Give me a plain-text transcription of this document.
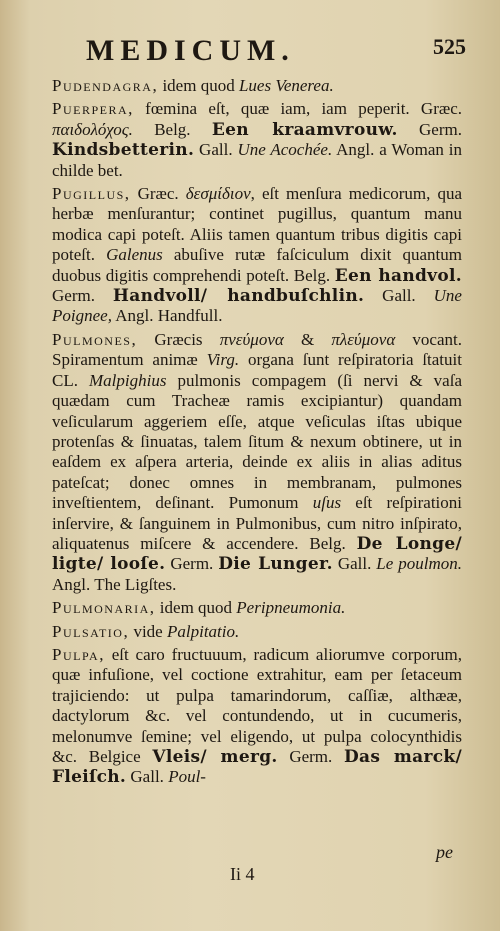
MEDICUM.	525

Pudendagra, idem quod Lues Venerea.

Puerpera, fœmina eſt, quæ iam, iam peperit. Græc. παιδολόχος. Belg. Een kraamvrouw. Germ. Kindsbetterin. Gall. Une Acochée. Angl. a Woman in childe bet.

Pugillus, Græc. δεσμίδιον, eſt menſura medicorum, qua herbæ menſurantur; continet pugillus, quantum manu modica capi poteſt. Aliis tamen quantum tribus digitis capi poteſt. Galenus abuſive rutæ faſciculum dixit quantum duobus digitis comprehendi poteſt. Belg. Een handvol. Germ. Handvoll/ handbuſchlin. Gall. Une Poignee, Angl. Handfull.

Pulmones, Græcis πνεύμονα & πλεύμονα vocant. Spiramentum animæ Virg. organa ſunt reſpiratoria ſtatuit CL. Malpighius pulmonis compagem (ſi nervi & vaſa quædam cum Tracheæ ramis excipiantur) quandam veſicularum aggeriem eſſe, atque veſiculas iſtas ubique protenſas & ſinuatas, talem ſitum & nexum obtinere, ut in eaſdem ex aſpera arteria, deinde ex aliis in alias aditus pateſcat; donec omnes in membranam, pulmones inveſtientem, deſinant. Pumonum uſus eſt reſpirationi inſervire, & ſanguinem in Pulmonibus, cum nitro inſpirato, aliquatenus miſcere & accendere. Belg. De Longe/ ligte/ looſe. Germ. Die Lunger. Gall. Le poulmon. Angl. The Ligſtes.

Pulmonaria, idem quod Peripneumonia.

Pulsatio, vide Palpitatio.

Pulpa, eſt caro fructuuum, radicum aliorumve corporum, quæ infuſione, vel coctione extrahitur, eam per ſetaceum trajiciendo: ut pulpa tamarindorum, caſſiæ, althææ, dactylorum &c. vel contundendo, ut in cucumeris, melonumve ſemine; vel eligendo, ut pulpa colocynthidis &c. Belgice Vleis/ merg. Germ. Das marck/ Fleiſch. Gall. Poul-

Ii 4
pe
